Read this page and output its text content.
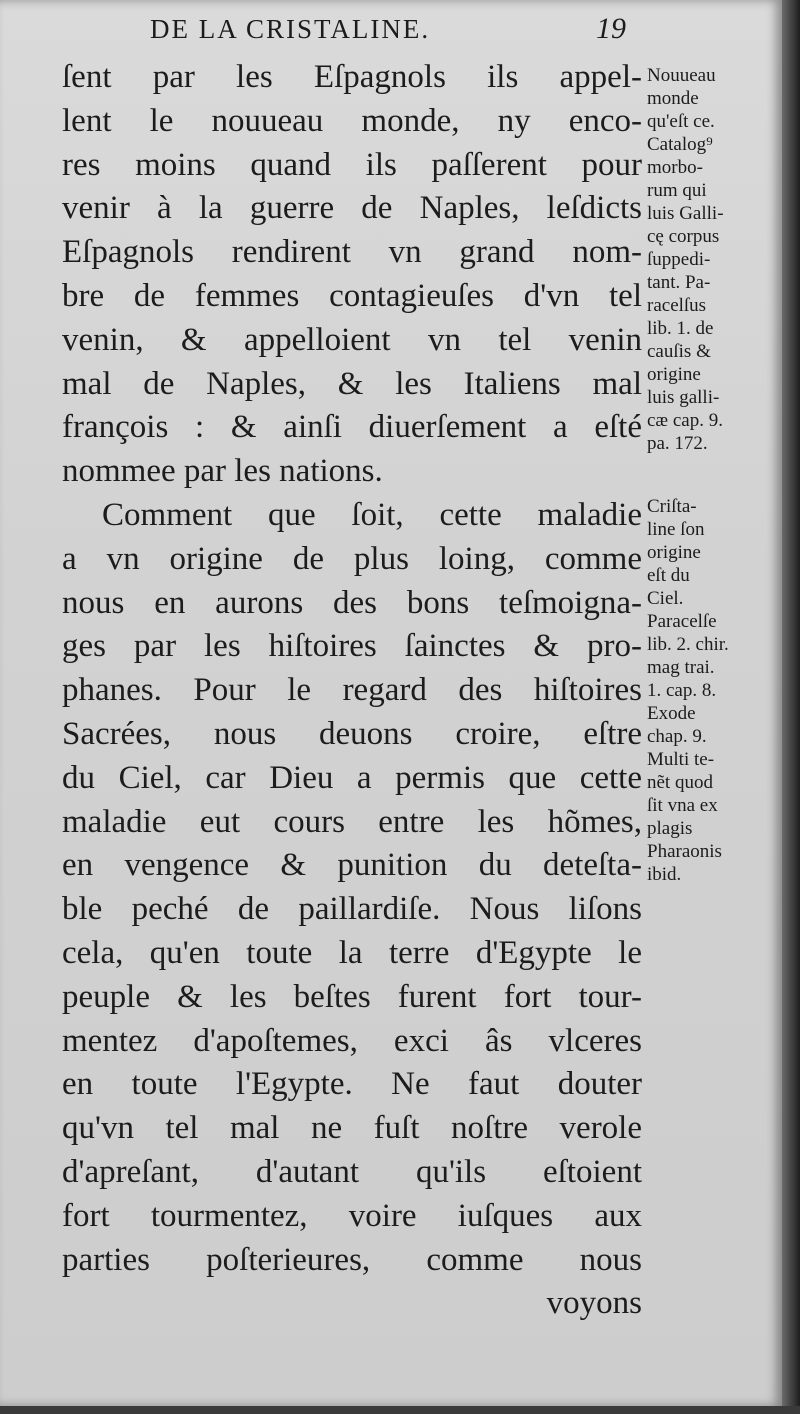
DE LA CRISTALINE.	19
ſent par les Eſpagnols ils appel-
lent le nouueau monde, ny enco-
res moins quand ils paſſerent pour
venir à la guerre de Naples, leſdicts
Eſpagnols rendirent vn grand nom-
bre de femmes contagieuſes d'vn tel
venin, & appelloient vn tel venin
mal de Naples, & les Italiens mal
françois : & ainſi diuerſement a eſté
nommee par les nations.
Comment que ſoit, cette maladie
a vn origine de plus loing, comme
nous en aurons des bons teſmoigna-
ges par les hiſtoires ſainctes & pro-
phanes. Pour le regard des hiſtoires
Sacrées, nous deuons croire, eſtre
du Ciel, car Dieu a permis que cette
maladie eut cours entre les hõmes,
en vengence & punition du deteſta-
ble peché de paillardiſe. Nous liſons
cela, qu'en toute la terre d'Egypte le
peuple & les beſtes furent fort tour-
mentez d'apoſtemes, exci âs vlceres
en toute l'Egypte. Ne faut douter
qu'vn tel mal ne fuſt noſtre verole
d'apreſant, d'autant qu'ils eſtoient
fort tourmentez, voire iuſques aux
parties poſterieures, comme nous
voyons
Nouueau
monde
qu'eſt ce.
Catalog⁹
morbo-
rum qui
luis Galli-
cę corpus
ſuppedi-
tant. Pa-
racelſus
lib. 1. de
cauſis &
origine
luis galli-
cæ cap. 9.
pa. 172.
Criſta-
line ſon
origine
eſt du
Ciel.
Paracelſe
lib. 2. chir.
mag trai.
1. cap. 8.
Exode
chap. 9.
Multi te-
nẽt quod
ſit vna ex
plagis
Pharaonis
ibid.
